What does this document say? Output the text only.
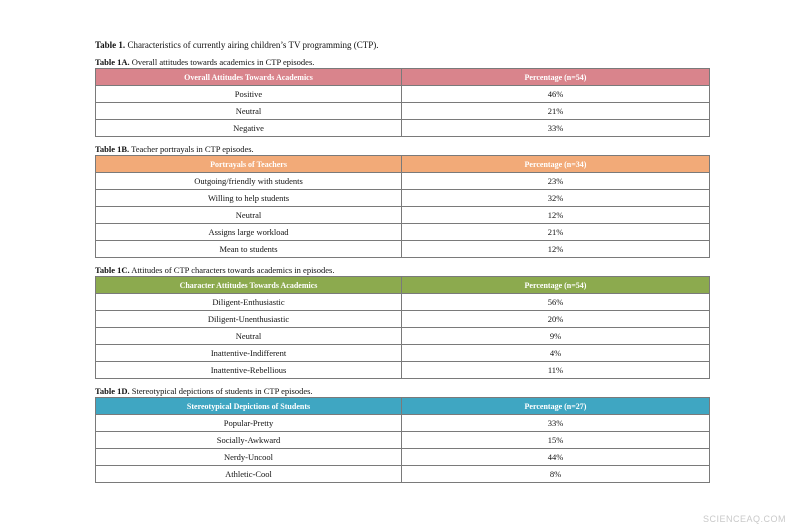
Table 1. Characteristics of currently airing children’s TV programming (CTP).
Table 1A. Overall attitudes towards academics in CTP episodes.
Overall Attitudes Towards Academics	Percentage (n=54)
Positive	46%
Neutral	21%
Negative	33%
Table 1B. Teacher portrayals in CTP episodes.
Portrayals of Teachers	Percentage (n=34)
Outgoing/friendly with students	23%
Willing to help students	32%
Neutral	12%
Assigns large workload	21%
Mean to students	12%
Table 1C. Attitudes of CTP characters towards academics in episodes.
Character Attitudes Towards Academics	Percentage (n=54)
Diligent-Enthusiastic	56%
Diligent-Unenthusiastic	20%
Neutral	9%
Inattentive-Indifferent	4%
Inattentive-Rebellious	11%
Table 1D. Stereotypical depictions of students in CTP episodes.
Stereotypical Depictions of Students	Percentage (n=27)
Popular-Pretty	33%
Socially-Awkward	15%
Nerdy-Uncool	44%
Athletic-Cool	8%
SCIENCEAQ.COM
